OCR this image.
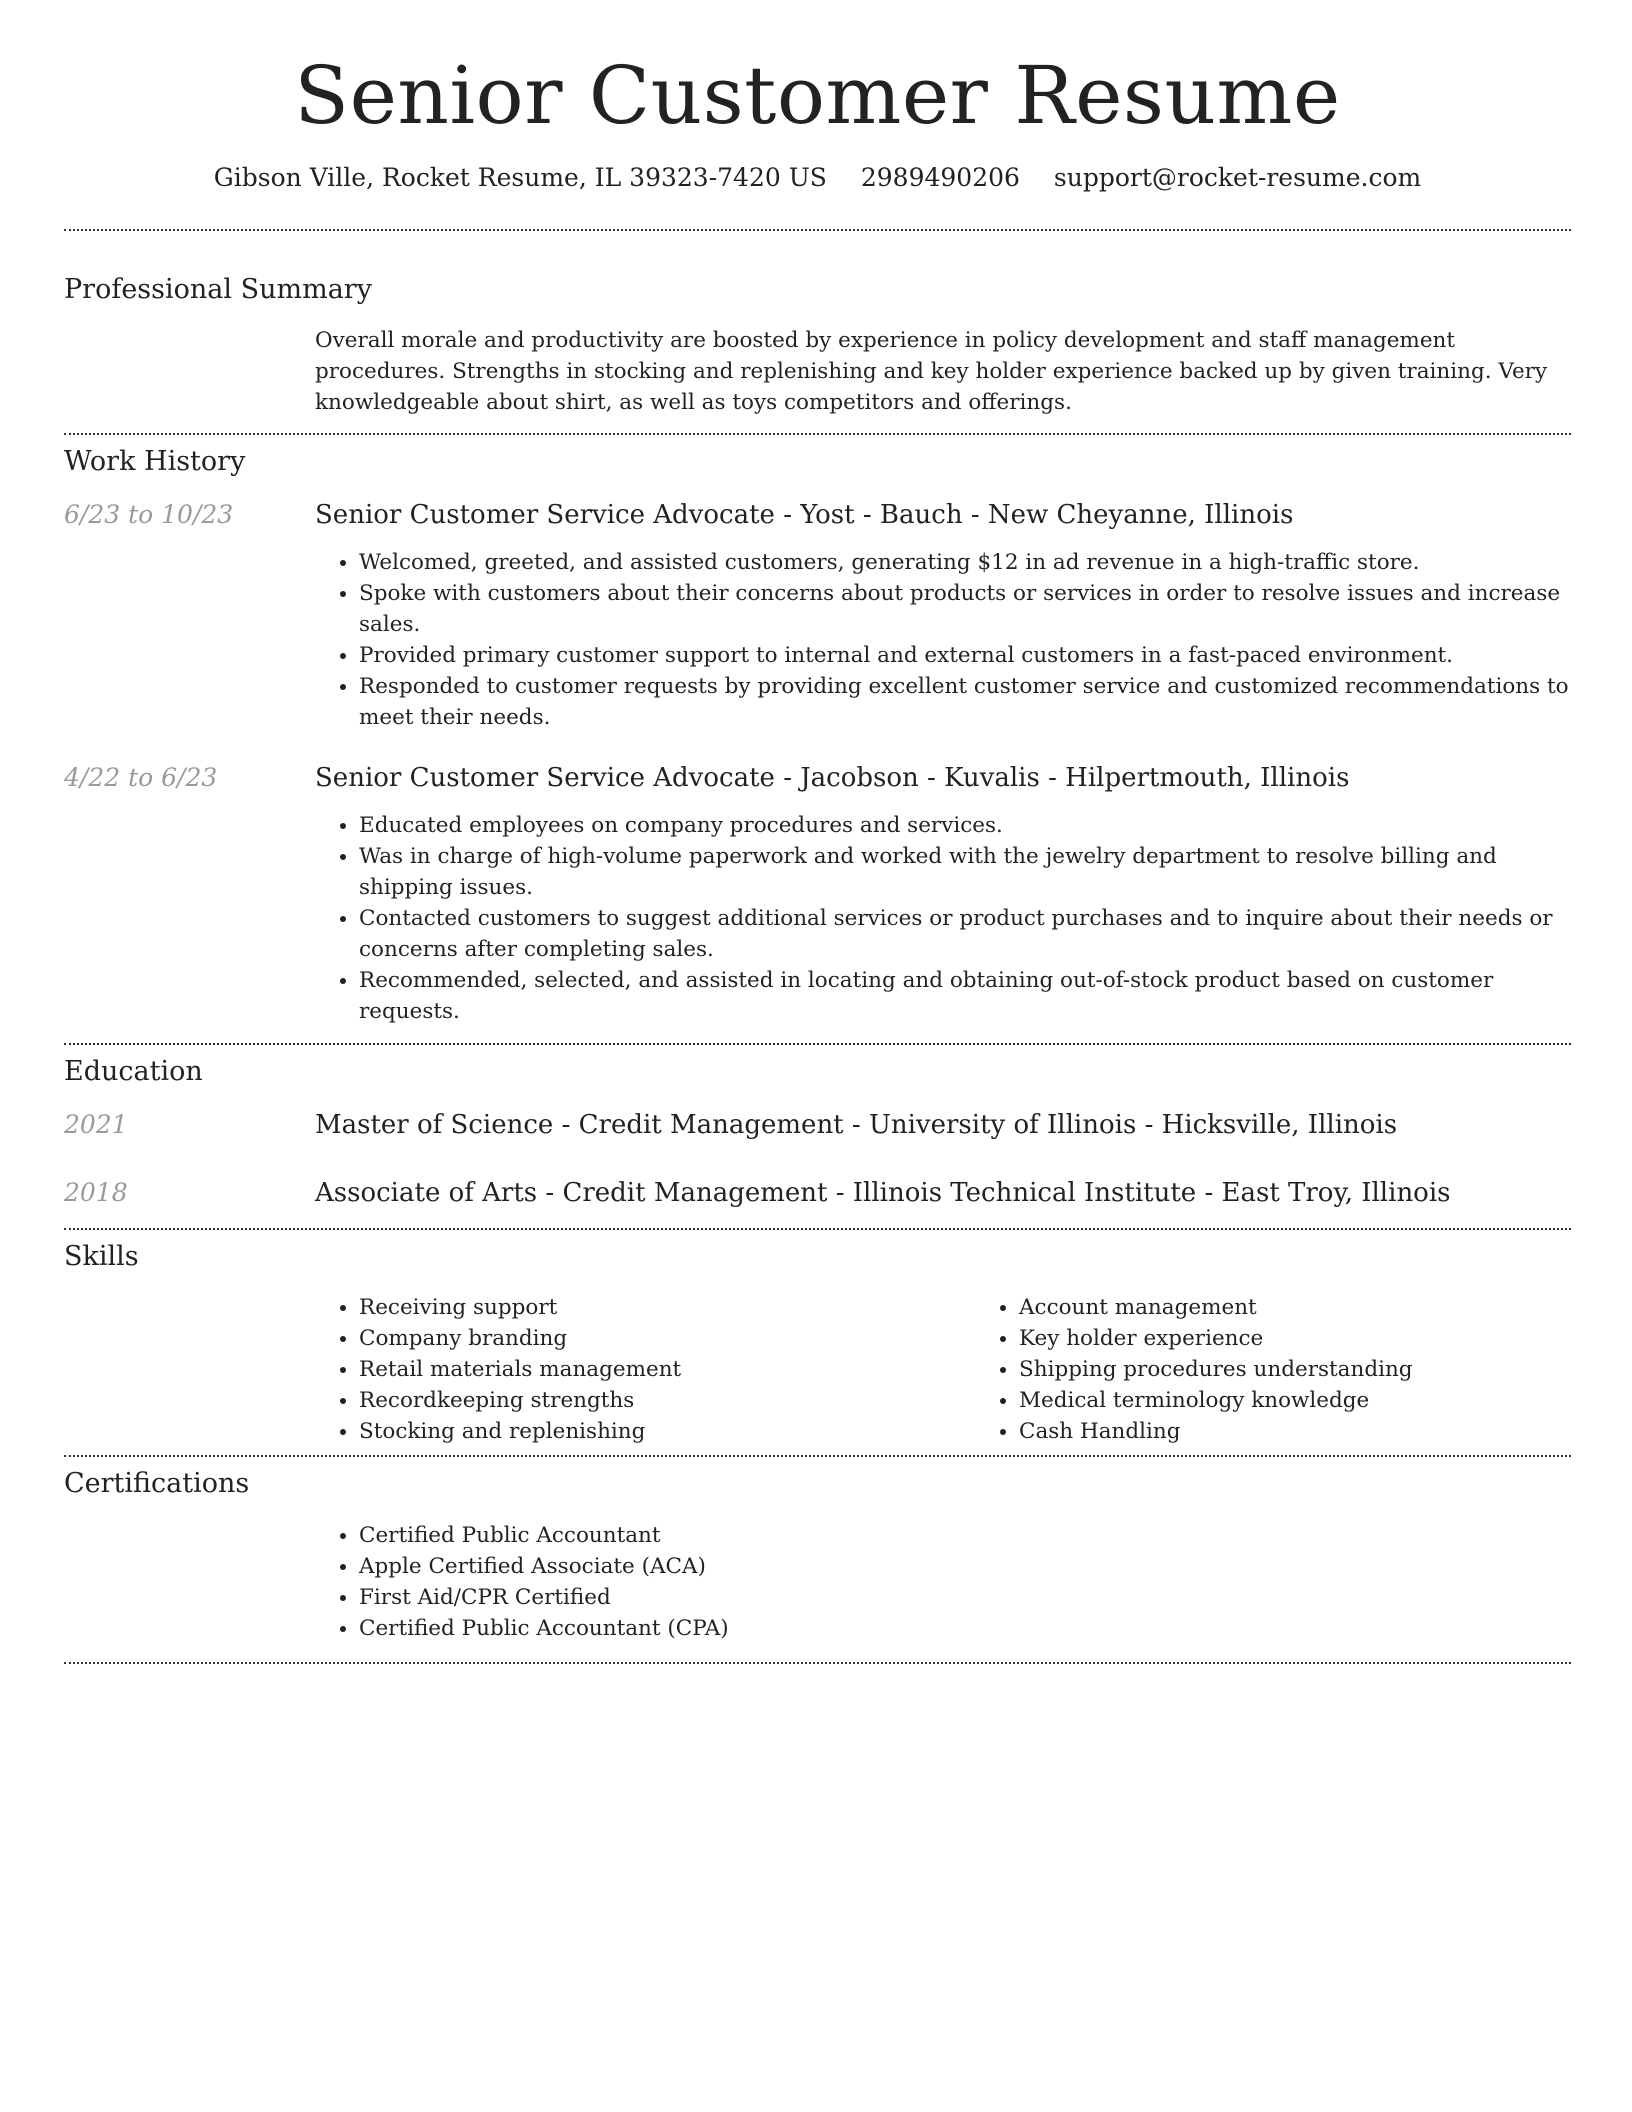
Senior Customer Resume
Gibson Ville, Rocket Resume, IL 39323-7420 US 2989490206 support@rocket-resume.com
Professional Summary
Overall morale and productivity are boosted by experience in policy development and staff management procedures. Strengths in stocking and replenishing and key holder experience backed up by given training. Very knowledgeable about shirt, as well as toys competitors and offerings.
Work History
6/23 to 10/23	Senior Customer Service Advocate - Yost - Bauch - New Cheyanne, Illinois
• Welcomed, greeted, and assisted customers, generating $12 in ad revenue in a high-traffic store.
• Spoke with customers about their concerns about products or services in order to resolve issues and increase sales.
• Provided primary customer support to internal and external customers in a fast-paced environment.
• Responded to customer requests by providing excellent customer service and customized recommendations to meet their needs.
4/22 to 6/23	Senior Customer Service Advocate - Jacobson - Kuvalis - Hilpertmouth, Illinois
• Educated employees on company procedures and services.
• Was in charge of high-volume paperwork and worked with the jewelry department to resolve billing and shipping issues.
• Contacted customers to suggest additional services or product purchases and to inquire about their needs or concerns after completing sales.
• Recommended, selected, and assisted in locating and obtaining out-of-stock product based on customer requests.
Education
2021	Master of Science - Credit Management - University of Illinois - Hicksville, Illinois
2018	Associate of Arts - Credit Management - Illinois Technical Institute - East Troy, Illinois
Skills
• Receiving support
• Company branding
• Retail materials management
• Recordkeeping strengths
• Stocking and replenishing
• Account management
• Key holder experience
• Shipping procedures understanding
• Medical terminology knowledge
• Cash Handling
Certifications
• Certified Public Accountant
• Apple Certified Associate (ACA)
• First Aid/CPR Certified
• Certified Public Accountant (CPA)
